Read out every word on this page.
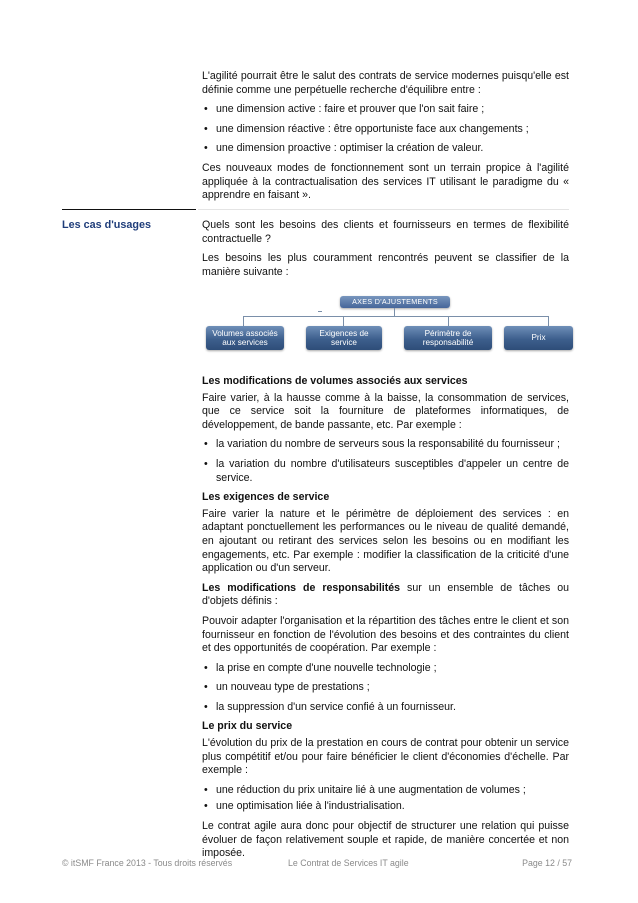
L'agilité pourrait être le salut des contrats de service modernes puisqu'elle est définie comme une perpétuelle recherche d'équilibre entre :

• une dimension active : faire et prouver que l'on sait faire ;

• une dimension réactive : être opportuniste face aux changements ;

• une dimension proactive : optimiser la création de valeur.

Ces nouveaux modes de fonctionnement sont un terrain propice à l'agilité appliquée à la contractualisation des services IT utilisant le paradigme du « apprendre en faisant ».

Les cas d'usages	Quels sont les besoins des clients et fournisseurs en termes de flexibilité contractuelle ?

Les besoins les plus couramment rencontrés peuvent se classifier de la manière suivante :

AXES D'AJUSTEMENTS
Volumes associés aux services
Exigences de service
Périmètre de responsabilité
Prix

Les modifications de volumes associés aux services

Faire varier, à la hausse comme à la baisse, la consommation de services, que ce service soit la fourniture de plateformes informatiques, de développement, de bande passante, etc. Par exemple :

• la variation du nombre de serveurs sous la responsabilité du fournisseur ;

• la variation du nombre d'utilisateurs susceptibles d'appeler un centre de service.

Les exigences de service

Faire varier la nature et le périmètre de déploiement des services : en adaptant ponctuellement les performances ou le niveau de qualité demandé, en ajoutant ou retirant des services selon les besoins ou en modifiant les engagements, etc. Par exemple : modifier la classification de la criticité d'une application ou d'un serveur.

Les modifications de responsabilités sur un ensemble de tâches ou d'objets définis :

Pouvoir adapter l'organisation et la répartition des tâches entre le client et son fournisseur en fonction de l'évolution des besoins et des contraintes du client et des opportunités de coopération. Par exemple :

• la prise en compte d'une nouvelle technologie ;

• un nouveau type de prestations ;

• la suppression d'un service confié à un fournisseur.

Le prix du service

L'évolution du prix de la prestation en cours de contrat pour obtenir un service plus compétitif et/ou pour faire bénéficier le client d'économies d'échelle. Par exemple :

• une réduction du prix unitaire lié à une augmentation de volumes ;

• une optimisation liée à l'industrialisation.

Le contrat agile aura donc pour objectif de structurer une relation qui puisse évoluer de façon relativement souple et rapide, de manière concertée et non imposée.

© itSMF France 2013 - Tous droits réservés	Le Contrat de Services IT agile	Page 12 / 57
